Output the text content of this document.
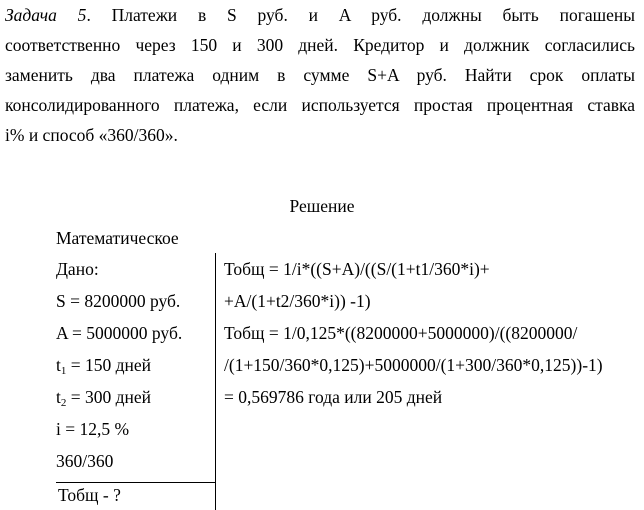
Задача 5. Платежи в S руб. и A руб. должны быть погашены
соответственно через 150 и 300 дней. Кредитор и должник согласились
заменить два платежа одним в сумме S+A руб. Найти срок оплаты
консолидированного платежа, если используется простая процентная ставка
i% и способ «360/360».
Решение
Математическое
Дано:
S = 8200000 руб.
A = 5000000 руб.
$t_1 = 150$ дней
$t_2 = 300$ дней
i = 12,5 %
360/360
Тобщ - ?
Тобщ = 1/i*((S+A)/((S/(1+t1/360*i)+
+A/(1+t2/360*i)) -1)
Тобщ = 1/0,125*((8200000+5000000)/((8200000/
/(1+150/360*0,125)+5000000/(1+300/360*0,125))-1)
= 0,569786 года или 205 дней
